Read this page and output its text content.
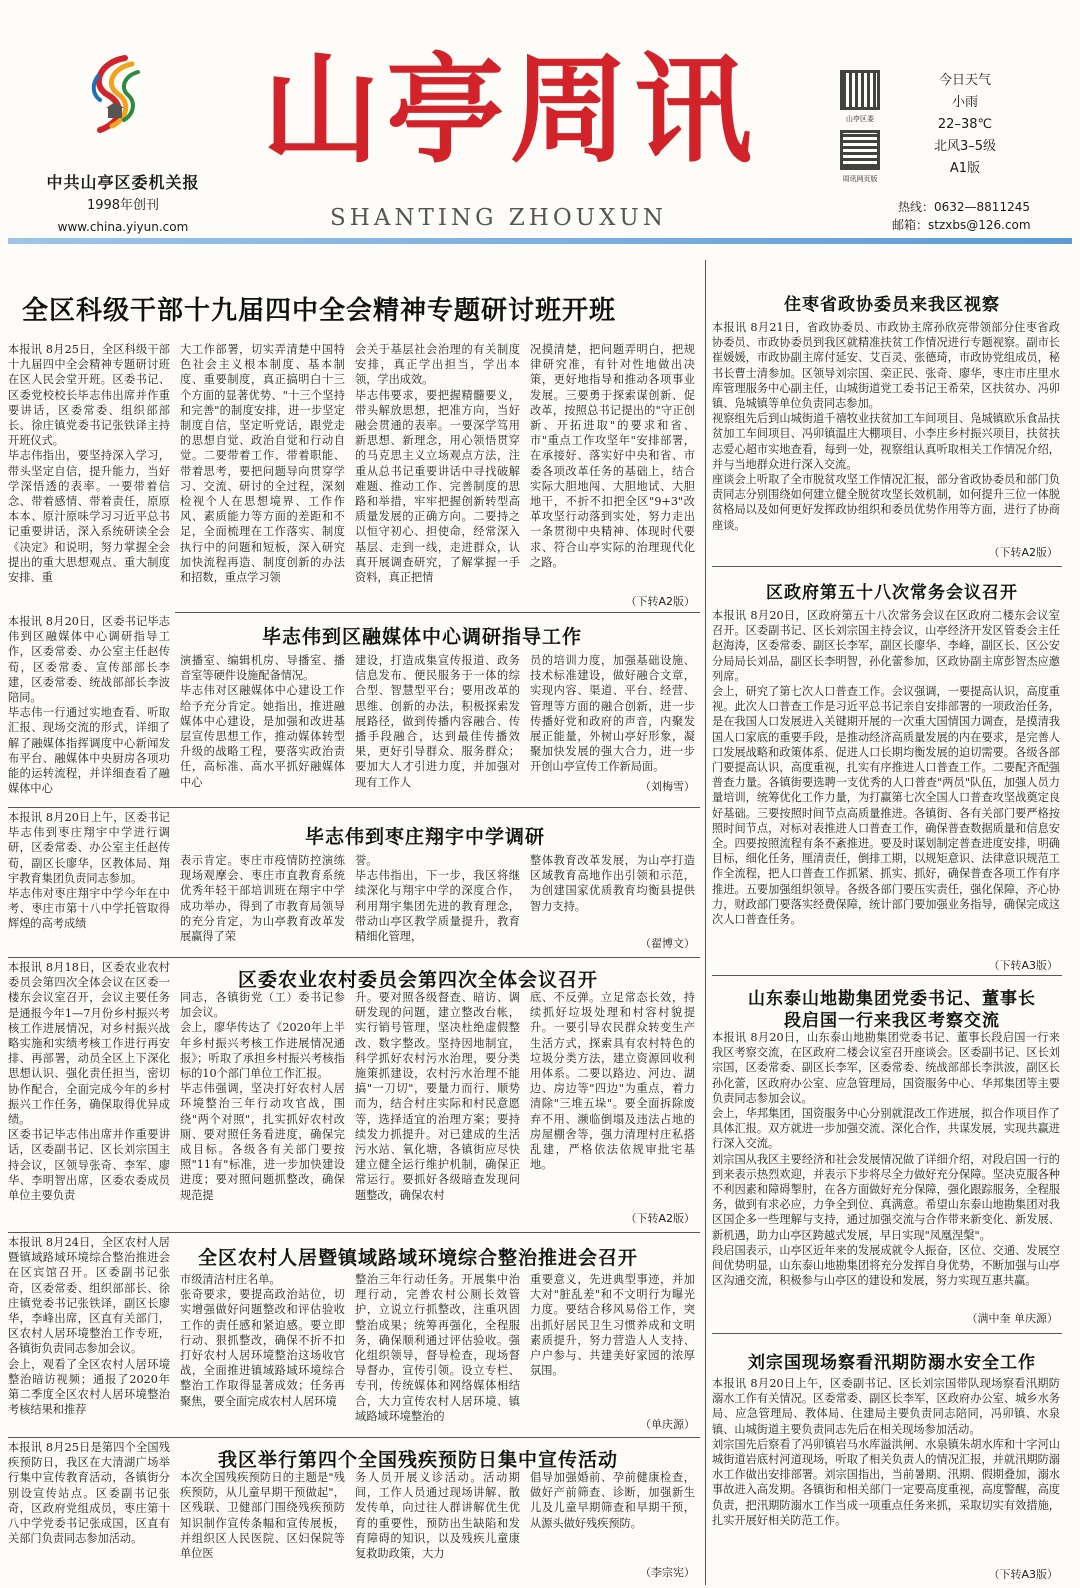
中共山亭区委机关报
1998年创刊
www.china.yiyun.com
山亭周讯
SHANTING ZHOUXUN
山亭区委
周讯网页版
今日天气
小雨
22–38℃
北风3–5级
A1版
热线：0632—8811245
邮箱：stzxbs@126.com
全区科级干部十九届四中全会精神专题研讨班开班
本报讯 8月25日，全区科级干部十九届四中全会精神专题研讨班在区人民会堂开班。区委书记、区委党校校长毕志伟出席并作重要讲话，区委常委、组织部部长、徐庄镇党委书记张铁译主持开班仪式。
毕志伟指出，要坚持深入学习，带头坚定自信，提升能力，当好学深悟透的表率。一要带着信念、带着感情、带着责任，原原本本、原汁原味学习习近平总书记重要讲话，深入系统研读全会《决定》和说明，努力掌握全会提出的重大思想观点、重大制度安排、重
大工作部署，切实弄清楚中国特色社会主义根本制度、基本制度、重要制度，真正搞明白十三个方面的显著优势、"十三个坚持和完善"的制度安排，进一步坚定制度自信，坚定听党话，跟党走的思想自觉、政治自觉和行动自觉。二要带着工作、带着职能、带着思考，要把问题导向贯穿学习、交流、研讨的全过程，深刻检视个人在思想境界、工作作风、素质能力等方面的差距和不足，全面梳理在工作落实、制度执行中的问题和短板，深入研究加快流程再造、制度创新的办法和招数，重点学习领
会关于基层社会治理的有关制度安排，真正学出担当，学出本领，学出成效。
毕志伟要求，要把握精髓要义，带头解放思想，把准方向，当好融会贯通的表率。一要深学笃用新思想、新理念，用心领悟贯穿的马克思主义立场观点方法，注重从总书记重要讲话中寻找破解难题、推动工作、完善制度的思路和举措，牢牢把握创新转型高质量发展的正确方向。二要持之以恒守初心、担使命，经常深入基层、走到一线，走进群众，认真开展调查研究，了解掌握一手资料，真正把情
况摸清楚，把问题弄明白，把规律研究准，有针对性地做出决策，更好地指导和推动各项事业发展。三要勇于探索谋创新、促改革，按照总书记提出的"守正创新、开拓进取"的要求和省、市"重点工作攻坚年"安排部署，在承接好、落实好中央和省、市委各项改革任务的基础上，结合实际大胆地闯、大胆地试、大胆地干，不折不扣把全区"9+3"改革攻坚行动落到实处，努力走出一条贯彻中央精神、体现时代要求、符合山亭实际的治理现代化之路。
（下转A2版）
本报讯 8月20日，区委书记毕志伟到区融媒体中心调研指导工作，区委常委、办公室主任赵传荀，区委常委、宣传部部长李建，区委常委、统战部部长李波陪同。
毕志伟一行通过实地查看、听取汇报、现场交流的形式，详细了解了融媒体指挥调度中心新闻发布平台、融媒体中央厨房各项功能的运转流程，并详细查看了融媒体中心
毕志伟到区融媒体中心调研指导工作
演播室、编辑机房、导播室、播音室等硬件设施配备情况。
毕志伟对区融媒体中心建设工作给予充分肯定。她指出，推进融媒体中心建设，是加强和改进基层宣传思想工作，推动媒体转型升级的战略工程，要落实政治责任，高标准、高水平抓好融媒体中心
建设，打造成集宣传报道、政务信息发布、便民服务于一体的综合型、智慧型平台；要用改革的思维、创新的办法，积极探索发展路径，做到传播内容融合、传播手段融合，达到最佳传播效果，更好引导群众、服务群众；要加大人才引进力度，并加强对现有工作人
员的培训力度，加强基础设施、技术标准建设，做好融合文章，实现内容、渠道、平台、经营、管理等方面的融合创新，进一步传播好党和政府的声音，内聚发展正能量，外树山亭好形象，凝聚加快发展的强大合力，进一步开创山亭宣传工作新局面。
（刘梅雪）
本报讯 8月20日上午，区委书记毕志伟到枣庄翔宇中学进行调研，区委常委、办公室主任赵传荀，副区长廖华，区教体局、翔宇教育集团负责同志参加。
毕志伟对枣庄翔宇中学今年在中考、枣庄市第十八中学托管取得辉煌的高考成绩
毕志伟到枣庄翔宇中学调研
表示肯定。枣庄市疫情防控演练现场观摩会、枣庄市直教育系统优秀年轻干部培训班在翔宇中学成功举办，得到了市教育局领导的充分肯定，为山亭教育改革发展赢得了荣
誉。
毕志伟指出，下一步，我区将继续深化与翔宇中学的深度合作，利用翔宇集团先进的教育理念，带动山亭区教学质量提升，教育精细化管理，
整体教育改革发展，为山亭打造区域教育高地作出引领和示范，为创建国家优质教育均衡县提供智力支持。
（翟博文）
本报讯 8月18日，区委农业农村委员会第四次全体会议在区委一楼东会议室召开，会议主要任务是通报今年1—7月份乡村振兴考核工作进展情况，对乡村振兴战略实施和实绩考核工作进行再安排、再部署，动员全区上下深化思想认识、强化责任担当，密切协作配合，全面完成今年的乡村振兴工作任务，确保取得优异成绩。
区委书记毕志伟出席并作重要讲话，区委副书记、区长刘宗国主持会议，区领导张奇、李军、廖华、李明智出席，区委农委成员单位主要负责
区委农业农村委员会第四次全体会议召开
同志，各镇街党（工）委书记参加会议。
会上，廖华传达了《2020年上半年乡村振兴考核工作进展情况通报》；听取了承担乡村振兴考核指标的10个部门单位工作汇报。
毕志伟强调，坚决打好农村人居环境整治三年行动攻官战，围绕"两个对照"，扎实抓好农村改厕、要对照任务看进度，确保完成目标。各级各有关部门要按照"11有"标准，进一步加快建设进度；要对照问题抓整改，确保规范提
升。要对照各级督查、暗访、调研发现的问题，建立整改台帐，实行销号管理，坚决杜绝虚假整改、数字整改。坚持因地制宜，科学抓好农村污水治理，要分类施策抓建设，农村污水治理不能搞"一刀切"，要量力而行、顺势而为，结合村庄实际和村民意愿等，选择适宜的治理方案；要持续发力抓提升。对已建成的生活污水站、氧化塘，各镇街应尽快建立健全运行维护机制，确保正常运行。要抓好各级暗查发现问题整改，确保农村
底、不反弹。立足常态长效，持续抓好垃圾处理和村容村貌提升。一要引导农民群众转变生产生活方式，探索具有农村特色的垃圾分类方法，建立资源回收利用体系。二要以路边、河边、湖边、房边等"四边"为重点，着力清除"三堆五垛"。要全面拆除废弃不用、濒临倒塌及违法占地的房屋棚舍等，强力清理村庄私搭乱建，严格依法依规审批宅基地。
（下转A2版）
本报讯 8月24日，全区农村人居暨镇域路域环境综合整治推进会在区宾馆召开。区委副书记张奇，区委常委、组织部部长、徐庄镇党委书记张铁译，副区长廖华，李峰出席，区直有关部门，区农村人居环境整治工作专班，各镇街负责同志参加会议。
会上，观看了全区农村人居环境整治暗访视频；通报了2020年第二季度全区农村人居环境整治考核结果和推荐
全区农村人居暨镇域路域环境综合整治推进会召开
市级清洁村庄名单。
张奇要求，要提高政治站位，切实增强做好问题整改和评估验收工作的责任感和紧迫感。要立即行动、狠抓整改，确保不折不扣打好农村人居环境整治这场收官战，全面推进镇域路域环境综合整治工作取得显著成效；任务再聚焦，要全面完成农村人居环境
整治三年行动任务。开展集中治理行动，完善农村公厕长效管护，立说立行抓整改，注重巩固整治成果；统筹再强化，全程服务，确保顺利通过评估验收。强化组织领导，督导检查，现场督导督办，宣传引领。设立专栏、专刊，传统媒体和网络媒体相结合，大力宣传农村人居环境、镇域路域环境整治的
重要意义，先进典型事迹，并加大对"脏乱差"和不文明行为曝光力度。要结合移风易俗工作，突出抓好居民卫生习惯养成和文明素质提升，努力营造人人支持、户户参与、共建美好家园的浓厚氛围。
（单庆源）
本报讯 8月25日是第四个全国残疾预防日，我区在大清湖广场举行集中宣传教育活动，各镇街分别设宣传站点。区委副书记张奇，区政府党组成员，枣庄第十八中学党委书记张成国，区直有关部门负责同志参加活动。
我区举行第四个全国残疾预防日集中宣传活动
本次全国残疾预防日的主题是"残疾预防，从儿童早期干预做起"，区残联、卫健部门围绕残疾预防知识制作宣传条幅和宣传展板，并组织区人民医院、区妇保院等单位医
务人员开展义诊活动。活动期间，工作人员通过现场讲解、散发传单，向过往人群讲解优生优育的重要性，预防出生缺陷和发育障碍的知识，以及残疾儿童康复救助政策，大力
倡导加强婚前、孕前健康检查，做好产前筛查、诊断，加强新生儿及儿童早期筛查和早期干预，从源头做好残疾预防。
（李宗宪）
住枣省政协委员来我区视察
本报讯 8月21日，省政协委员、市政协主席孙欣亮带领部分住枣省政协委员、市政协委员到我区就精准扶贫工作情况进行专题视察。副市长崔媛媛，市政协副主席付延安、艾百灵、张德琦，市政协党组成员，秘书长曹士清参加。区领导刘宗国、栾正民、张奇、廖华，枣庄市庄里水库管理服务中心副主任，山城街道党工委书记王希荣，区扶贫办、冯卯镇、凫城镇等单位负责同志参加。
视察组先后到山城街道千禧牧业扶贫加工车间项目、凫城镇欧乐食品扶贫加工车间项目、冯卯镇温庄大棚项目、小李庄乡村振兴项目，扶贫扶志爱心超市实地查看，每到一处，视察组认真听取相关工作情况介绍，并与当地群众进行深入交流。
座谈会上听取了全市脱贫攻坚工作情况汇报，部分省政协委员和部门负责同志分别围绕如何建立健全脱贫攻坚长效机制，如何提升三位一体脱贫格局以及如何更好发挥政协组织和委员优势作用等方面，进行了协商座谈。
（下转A2版）
区政府第五十八次常务会议召开
本报讯 8月20日，区政府第五十八次常务会议在区政府二楼东会议室召开。区委副书记、区长刘宗国主持会议，山亭经济开发区管委会主任赵海涛，区委常委、副区长李军，副区长廖华、李峰，副区长、区公安分局局长刘品，副区长李明智，孙化蕾参加，区政协副主席彭智杰应邀列席。
会上，研究了第七次人口普查工作。会议强调，一要提高认识，高度重视。此次人口普查工作是习近平总书记亲自安排部署的一项政治任务，是在我国人口发展进入关键期开展的一次重大国情国力调查，是摸清我国人口家底的重要手段，是推动经济高质量发展的内在要求，是完善人口发展战略和政策体系、促进人口长期均衡发展的迫切需要。各级各部门要提高认识，高度重视，扎实有序推进人口普查工作。二要配齐配强普查力量。各镇街要选聘一支优秀的人口普查"两员"队伍，加强人员力量培训，统筹优化工作力量，为打赢第七次全国人口普查攻坚战奠定良好基础。三要按照时间节点高质量推进。各镇街、各有关部门要严格按照时间节点，对标对表推进人口普查工作，确保普查数据质量和信息安全。四要按照流程有条不紊推进。要及时谋划制定普查进度安排，明确目标，细化任务，厘清责任，倒排工期，以规矩意识、法律意识规范工作全流程，把人口普查工作抓紧、抓实、抓好，确保普查各项工作有序推进。五要加强组织领导。各级各部门要压实责任，强化保障，齐心协力，财政部门要落实经费保障，统计部门要加强业务指导，确保完成这次人口普查任务。
（下转A3版）
山东泰山地勘集团党委书记、董事长
段启国一行来我区考察交流
本报讯 8月20日，山东泰山地勘集团党委书记、董事长段启国一行来我区考察交流，在区政府二楼会议室召开座谈会。区委副书记、区长刘宗国，区委常委、副区长李军，区委常委、统战部部长李洪波，副区长孙化蕾，区政府办公室、应急管理局，国资服务中心、华邦集团等主要负责同志参加会议。
会上，华邦集团，国资服务中心分别就混改工作进展，拟合作项目作了具体汇报。双方就进一步加强交流、深化合作，共谋发展，实现共赢进行深入交流。
刘宗国从我区主要经济和社会发展情况做了详细介绍，对段启国一行的到来表示热烈欢迎，并表示下步将尽全力做好充分保障。坚决克服各种不利因素和障碍掣肘，在各方面做好充分保障，强化跟踪服务，全程服务，做到有求必应，力争全到位、真满意。希望山东泰山地勘集团对我区国企多一些理解与支持，通过加强交流与合作带来新变化、新发展、新机遇，助力山亭区跨越式发展，早日实现"凤凰涅槃"。
段启国表示，山亭区近年来的发展成就令人振奋，区位、交通、发展空间优势明显，山东泰山地勘集团将充分发挥自身优势，不断加强与山亭区沟通交流，积极参与山亭区的建设和发展，努力实现互惠共赢。
（满中奎 单庆源）
刘宗国现场察看汛期防溺水安全工作
本报讯 8月20日上午，区委副书记、区长刘宗国带队现场察看汛期防溺水工作有关情况。区委常委、副区长李军，区政府办公室、城乡水务局、应急管理局、教体局、住建局主要负责同志陪同，冯卯镇、水泉镇、山城街道主要负责同志先后在相关现场参加活动。
刘宗国先后察看了冯卯镇岩马水库溢洪闸、水泉镇朱胡水库和十字河山城街道岩底村河道现场，听取了相关负责人的情况汇报，并就汛期防溺水工作做出安排部署。刘宗国指出，当前暑期、汛期、假期叠加，溺水事故进入高发期。各镇街和相关部门一定要高度重视，高度警醒，高度负责，把汛期防溺水工作当成一项重点任务来抓，采取切实有效措施，扎实开展好相关防范工作。
（下转A3版）
